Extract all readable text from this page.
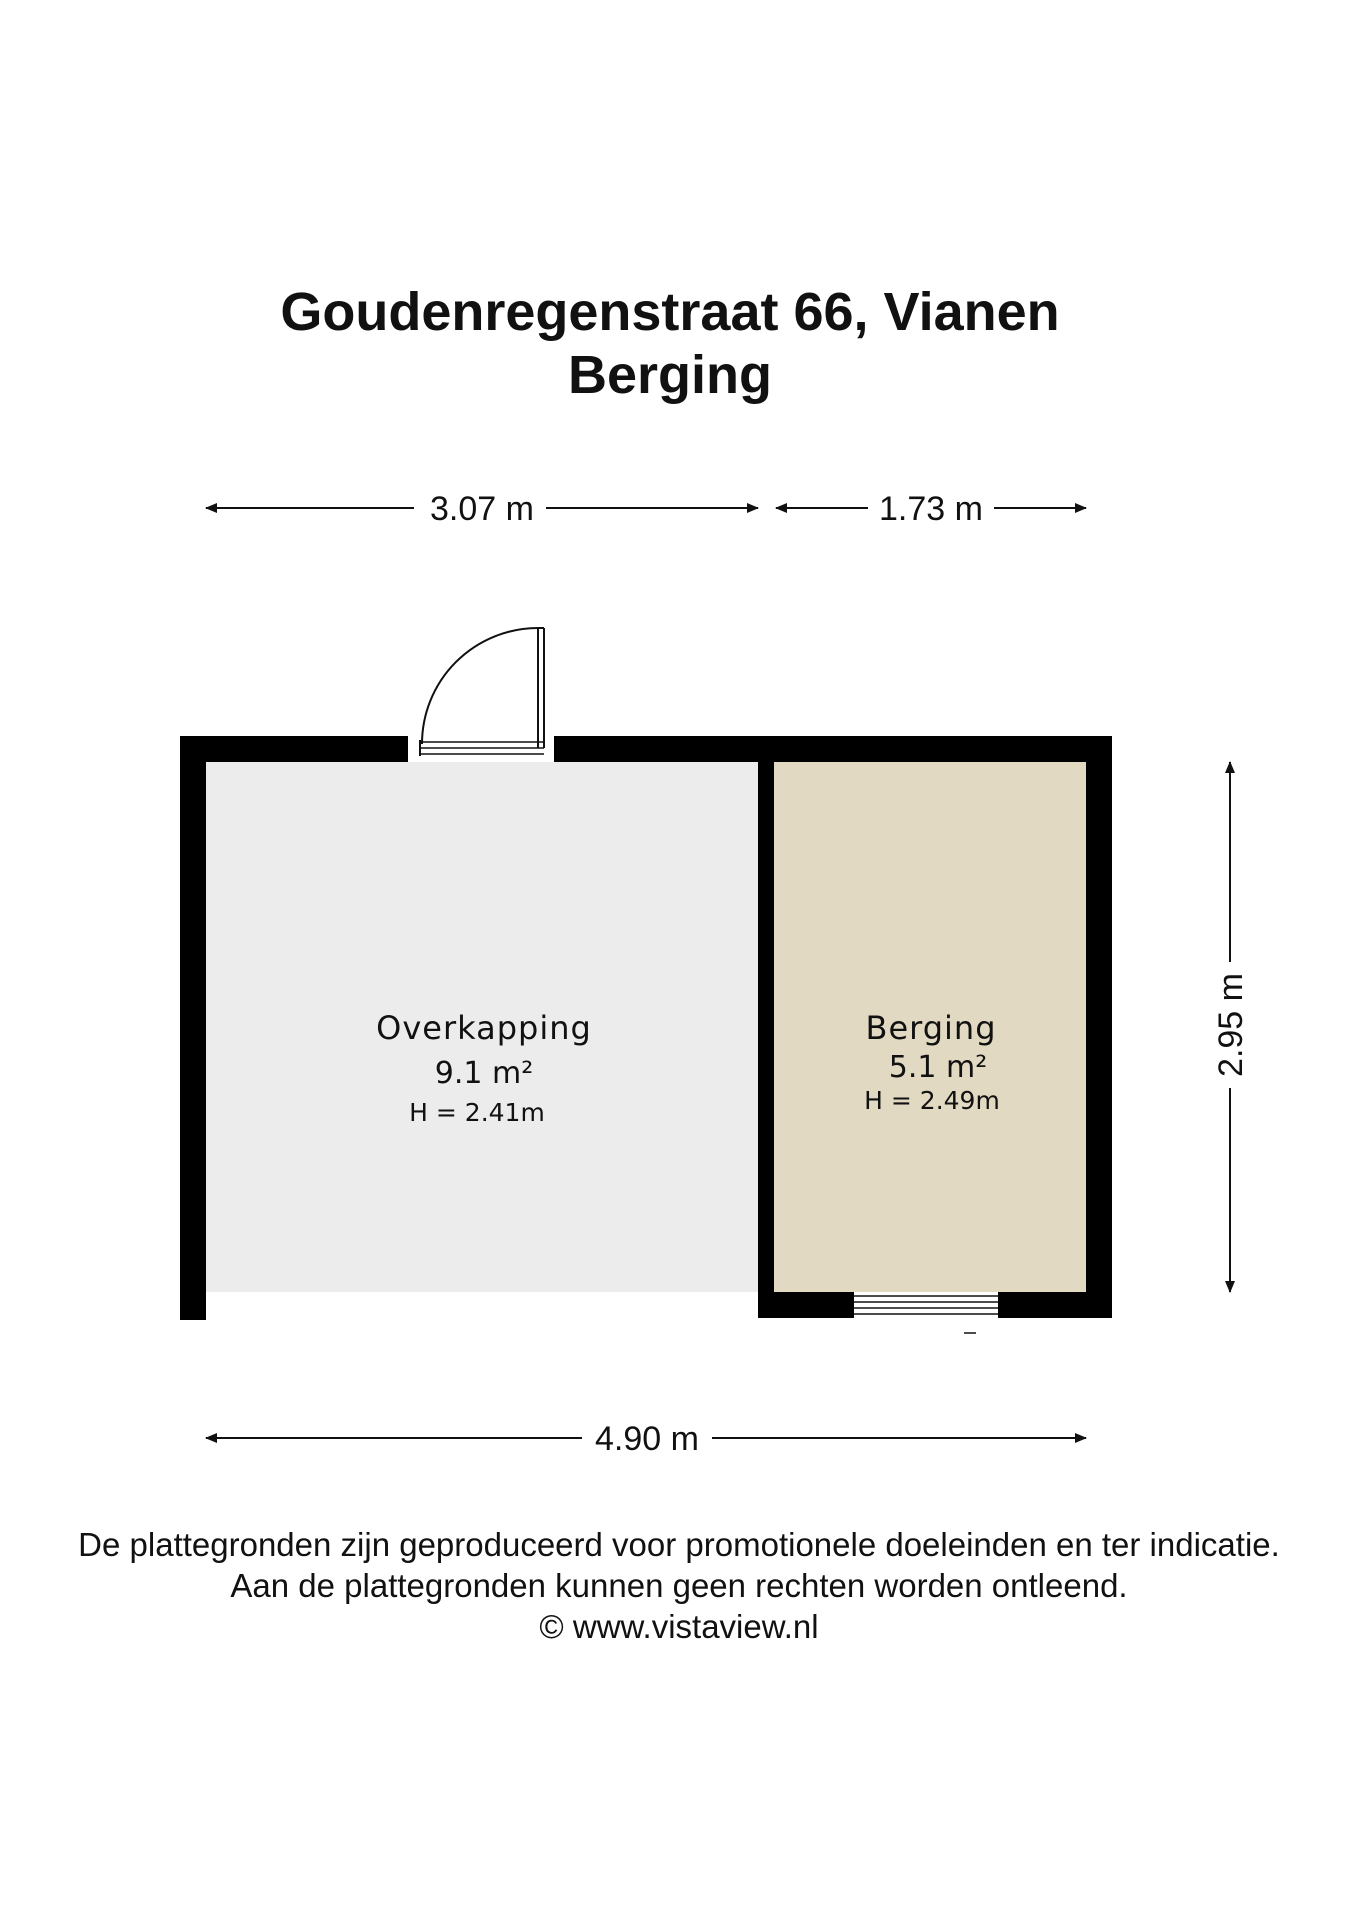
Goudenregenstraat 66, Vianen
Berging
3.07 m	1.73 m
Overkapping
9.1 m²
H = 2.41m
Berging
5.1 m²
H = 2.49m
2.95 m
4.90 m
De plattegronden zijn geproduceerd voor promotionele doeleinden en ter indicatie.
Aan de plattegronden kunnen geen rechten worden ontleend.
© www.vistaview.nl
